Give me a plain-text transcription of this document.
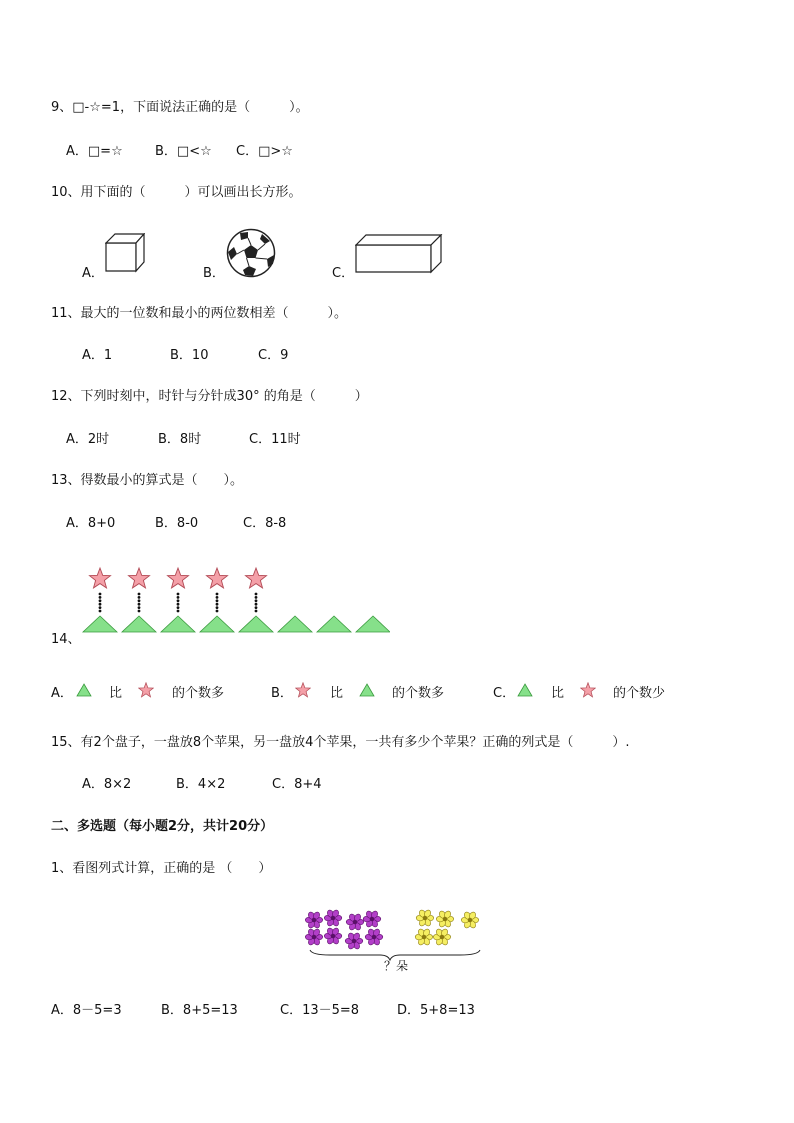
9、□-☆=1，下面说法正确的是（　　　）。
A．□=☆ B．□<☆ C．□>☆
10、用下面的（　　　）可以画出长方形。
A．	B．	C．
11、最大的一位数和最小的两位数相差（　　　）。
A．1	B．10	C．9
12、下列时刻中，时针与分针成30° 的角是（　　　）
A．2时	B．8时	C．11时
13、得数最小的算式是（　　）。
A．8+0	B．8-0	C．8-8
14、
A．	比	的个数多	B．	比	的个数多	C．	比	的个数少
15、有2个盘子，一盘放8个苹果，另一盘放4个苹果，一共有多少个苹果？正确的列式是（　　　）.
A．8×2	B．4×2	C．8+4
二、多选题（每小题2分，共计20分）
1、看图列式计算，正确的是 （　　）
？朵
A．8－5=3	B．8+5=13	C．13－5=8	D．5+8=13
